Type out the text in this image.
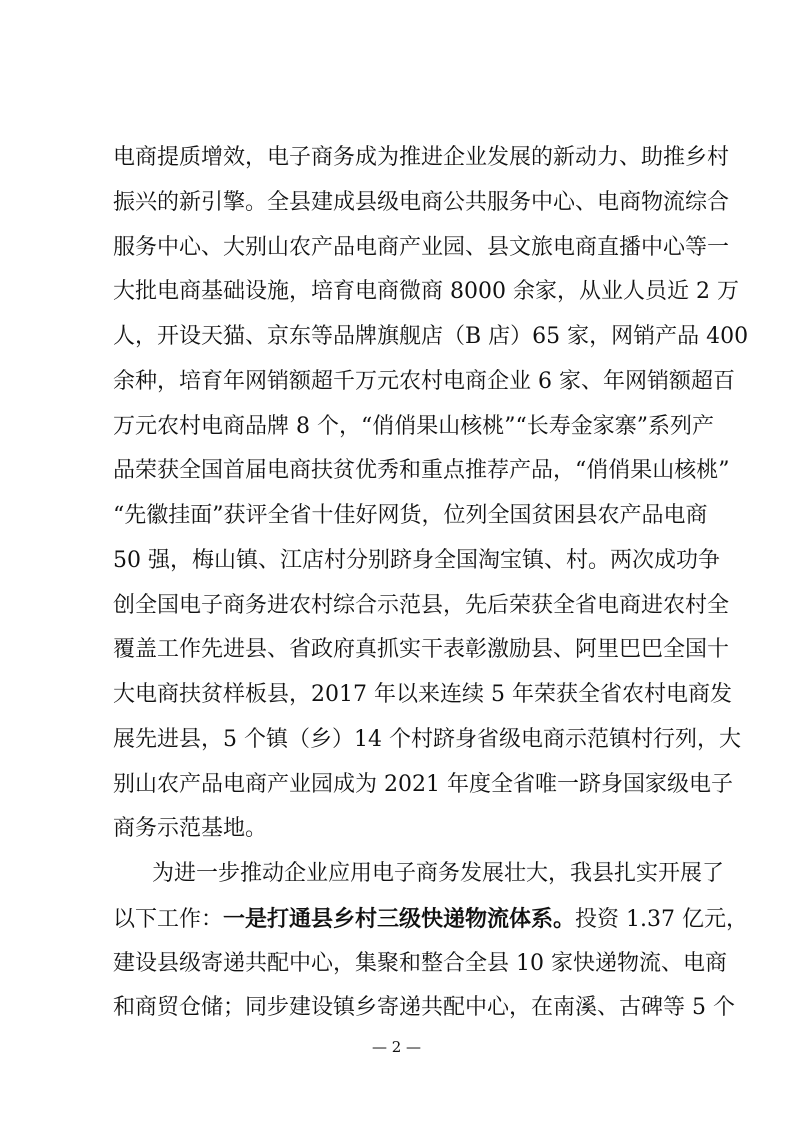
电商提质增效，电子商务成为推进企业发展的新动力、助推乡村
振兴的新引擎。全县建成县级电商公共服务中心、电商物流综合
服务中心、大别山农产品电商产业园、县文旅电商直播中心等一
大批电商基础设施，培育电商微商 8000 余家，从业人员近 2 万
人，开设天猫、京东等品牌旗舰店（B 店）65 家，网销产品 400
余种，培育年网销额超千万元农村电商企业 6 家、年网销额超百
万元农村电商品牌 8 个，“俏俏果山核桃”“长寿金家寨”系列产
品荣获全国首届电商扶贫优秀和重点推荐产品，“俏俏果山核桃”
“先徽挂面”获评全省十佳好网货，位列全国贫困县农产品电商
50 强，梅山镇、江店村分别跻身全国淘宝镇、村。两次成功争
创全国电子商务进农村综合示范县，先后荣获全省电商进农村全
覆盖工作先进县、省政府真抓实干表彰激励县、阿里巴巴全国十
大电商扶贫样板县，2017 年以来连续 5 年荣获全省农村电商发
展先进县，5 个镇（乡）14 个村跻身省级电商示范镇村行列，大
别山农产品电商产业园成为 2021 年度全省唯一跻身国家级电子
商务示范基地。
为进一步推动企业应用电子商务发展壮大，我县扎实开展了
以下工作：一是打通县乡村三级快递物流体系。投资 1.37 亿元，
建设县级寄递共配中心，集聚和整合全县 10 家快递物流、电商
和商贸仓储；同步建设镇乡寄递共配中心，在南溪、古碑等 5 个
— 2 —
